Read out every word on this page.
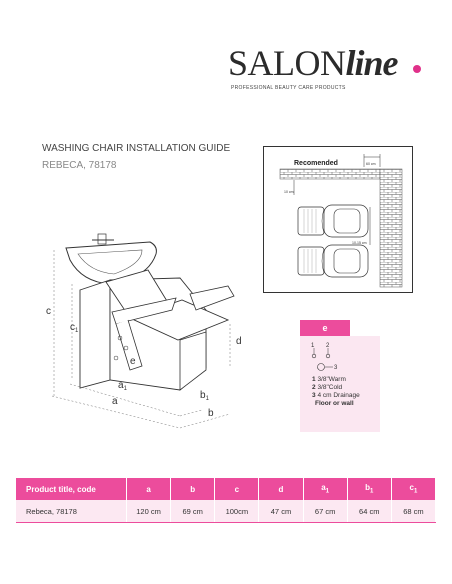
SALONline
PROFESSIONAL BEAUTY CARE PRODUCTS
WASHING CHAIR INSTALLATION GUIDE
REBECA, 78178	Recomended	60 cm
10 cm
10-15 cm
c
$c_1$
d
e
$a_1$
a
$b_1$
b
e
1 2
3
1 3/8"Warm
2 3/8"Cold
3 4 cm Drainage
Floor or wall
Product title, code	a	b	c	d	$a_1$	$b_1$	$c_1$
Rebeca, 78178	120 cm	69 cm	100cm	47 cm	67 cm	64 cm	68 cm
